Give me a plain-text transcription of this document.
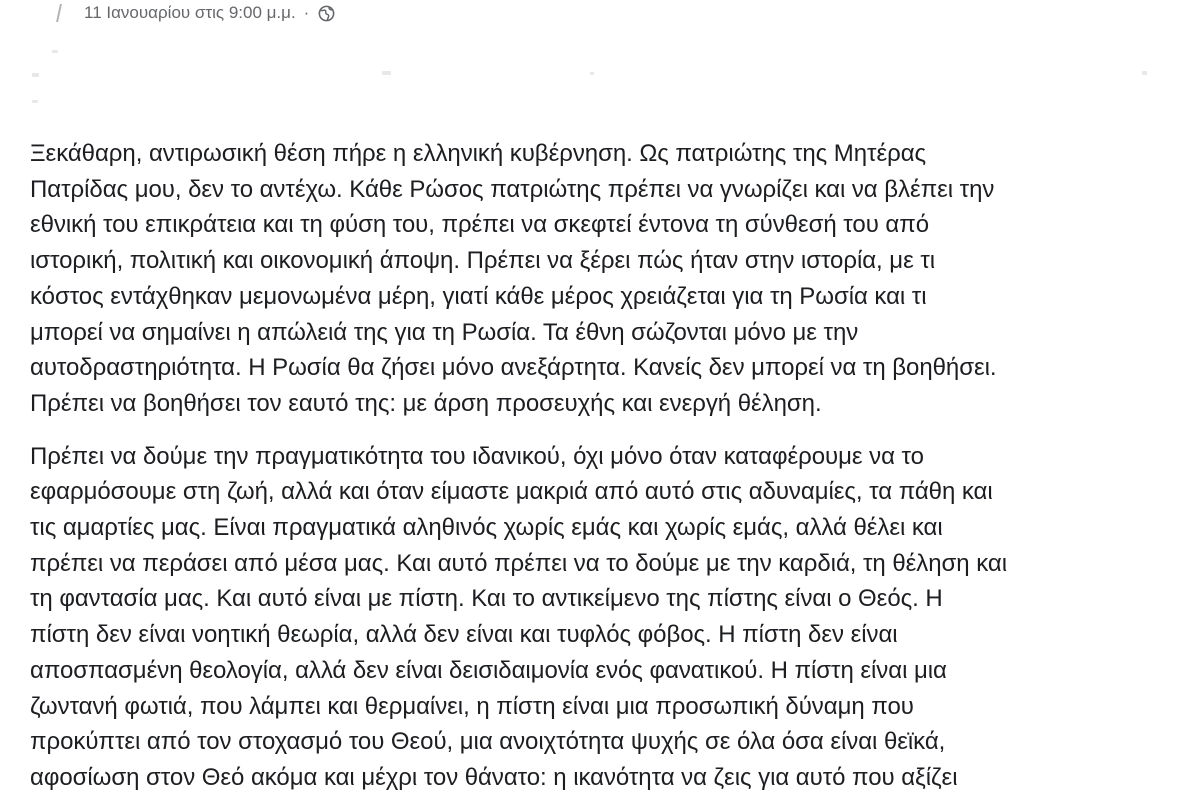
11 Ιανουαρίου στις 9:00 μ.μ. ·

Ξεκάθαρη, αντιρωσική θέση πήρε η ελληνική κυβέρνηση. Ως πατριώτης της Μητέρας
Πατρίδας μου, δεν το αντέχω. Κάθε Ρώσος πατριώτης πρέπει να γνωρίζει και να βλέπει την
εθνική του επικράτεια και τη φύση του, πρέπει να σκεφτεί έντονα τη σύνθεσή του από
ιστορική, πολιτική και οικονομική άποψη. Πρέπει να ξέρει πώς ήταν στην ιστορία, με τι
κόστος εντάχθηκαν μεμονωμένα μέρη, γιατί κάθε μέρος χρειάζεται για τη Ρωσία και τι
μπορεί να σημαίνει η απώλειά της για τη Ρωσία. Τα έθνη σώζονται μόνο με την
αυτοδραστηριότητα. Η Ρωσία θα ζήσει μόνο ανεξάρτητα. Κανείς δεν μπορεί να τη βοηθήσει.
Πρέπει να βοηθήσει τον εαυτό της: με άρση προσευχής και ενεργή θέληση.

Πρέπει να δούμε την πραγματικότητα του ιδανικού, όχι μόνο όταν καταφέρουμε να το
εφαρμόσουμε στη ζωή, αλλά και όταν είμαστε μακριά από αυτό στις αδυναμίες, τα πάθη και
τις αμαρτίες μας. Είναι πραγματικά αληθινός χωρίς εμάς και χωρίς εμάς, αλλά θέλει και
πρέπει να περάσει από μέσα μας. Και αυτό πρέπει να το δούμε με την καρδιά, τη θέληση και
τη φαντασία μας. Και αυτό είναι με πίστη. Και το αντικείμενο της πίστης είναι ο Θεός. Η
πίστη δεν είναι νοητική θεωρία, αλλά δεν είναι και τυφλός φόβος. Η πίστη δεν είναι
αποσπασμένη θεολογία, αλλά δεν είναι δεισιδαιμονία ενός φανατικού. Η πίστη είναι μια
ζωντανή φωτιά, που λάμπει και θερμαίνει, η πίστη είναι μια προσωπική δύναμη που
προκύπτει από τον στοχασμό του Θεού, μια ανοιχτότητα ψυχής σε όλα όσα είναι θεϊκά,
αφοσίωση στον Θεό ακόμα και μέχρι τον θάνατο: η ικανότητα να ζεις για αυτό που αξίζει
